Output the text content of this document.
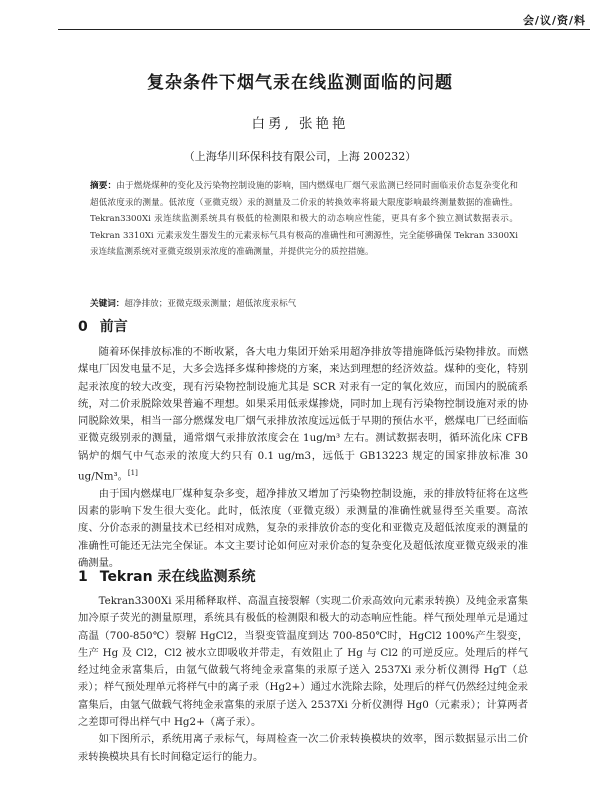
会/议/资/料
复杂条件下烟气汞在线监测面临的问题
白勇, 张艳艳
（上海华川环保科技有限公司，上海 200232）
摘要：由于燃烧煤种的变化及污染物控制设施的影响，国内燃煤电厂烟气汞监测已经同时面临汞价态复杂变化和超低浓度汞的测量。低浓度（亚微克级）汞的测量及二价汞的转换效率将最大限度影响最终测量数据的准确性。Tekran3300Xi 汞连续监测系统具有极低的检测限和极大的动态响应性能，更具有多个独立测试数据表示。Tekran 3310Xi 元素汞发生器发生的元素汞标气具有极高的准确性和可溯源性，完全能够确保 Tekran 3300Xi 汞连续监测系统对亚微克级别汞浓度的准确测量，并提供完分的质控措施。
关键词：超净排放；亚微克级汞测量；超低浓度汞标气
0 前言

随着环保排放标准的不断收紧，各大电力集团开始采用超净排放等措施降低污染物排放。而燃煤电厂因发电量不足，大多会选择多煤种掺烧的方案，来达到理想的经济效益。煤种的变化，特别起汞浓度的较大改变，现有污染物控制设施尤其是 SCR 对汞有一定的氧化效应，而国内的脱硫系统，对二价汞脱除效果普遍不理想。如果采用低汞煤掺烧，同时加上现有污染物控制设施对汞的协同脱除效果，相当一部分燃煤发电厂烟气汞排放浓度远远低于早期的预估水平，燃煤电厂已经面临亚微克级别汞的测量，通常烟气汞排放浓度会在 1ug/m³ 左右。测试数据表明，循环流化床 CFB 锅炉的烟气中气态汞的浓度大约只有 0.1 ug/m3，远低于 GB13223 规定的国家排放标准 30 ug/Nm³。[1]

由于国内燃煤电厂煤种复杂多变，超净排放又增加了污染物控制设施，汞的排放特征将在这些因素的影响下发生很大变化。此时，低浓度（亚微克级）汞测量的准确性就显得至关重要。高浓度、分价态汞的测量技术已经相对成熟，复杂的汞排放价态的变化和亚微克及超低浓度汞的测量的准确性可能还无法完全保证。本文主要讨论如何应对汞价态的复杂变化及超低浓度亚微克级汞的准确测量。

1 Tekran 汞在线监测系统

Tekran3300Xi 采用稀释取样、高温直接裂解（实现二价汞高效向元素汞转换）及纯金汞富集加冷原子荧光的测量原理，系统具有极低的检测限和极大的动态响应性能。样气预处理单元是通过高温（700-850℃）裂解 HgCl2，当裂变管温度到达 700-850℃时，HgCl2 100%产生裂变，生产 Hg 及 Cl2，Cl2 被水立即吸收并带走，有效阻止了 Hg 与 Cl2 的可逆反应。处理后的样气经过纯金汞富集后，由氩气做载气将纯金汞富集的汞原子送入 2537Xi 汞分析仪测得 HgT（总汞）；样气预处理单元将样气中的离子汞（Hg2+）通过水洗除去除，处理后的样气仍然经过纯金汞富集后，由氩气做载气将纯金汞富集的汞原子送入 2537Xi 分析仪测得 Hg0（元素汞）；计算两者之差即可得出样气中 Hg2+（离子汞）。

如下图所示，系统用离子汞标气，每周检查一次二价汞转换模块的效率，图示数据显示出二价汞转换模块具有长时间稳定运行的能力。
